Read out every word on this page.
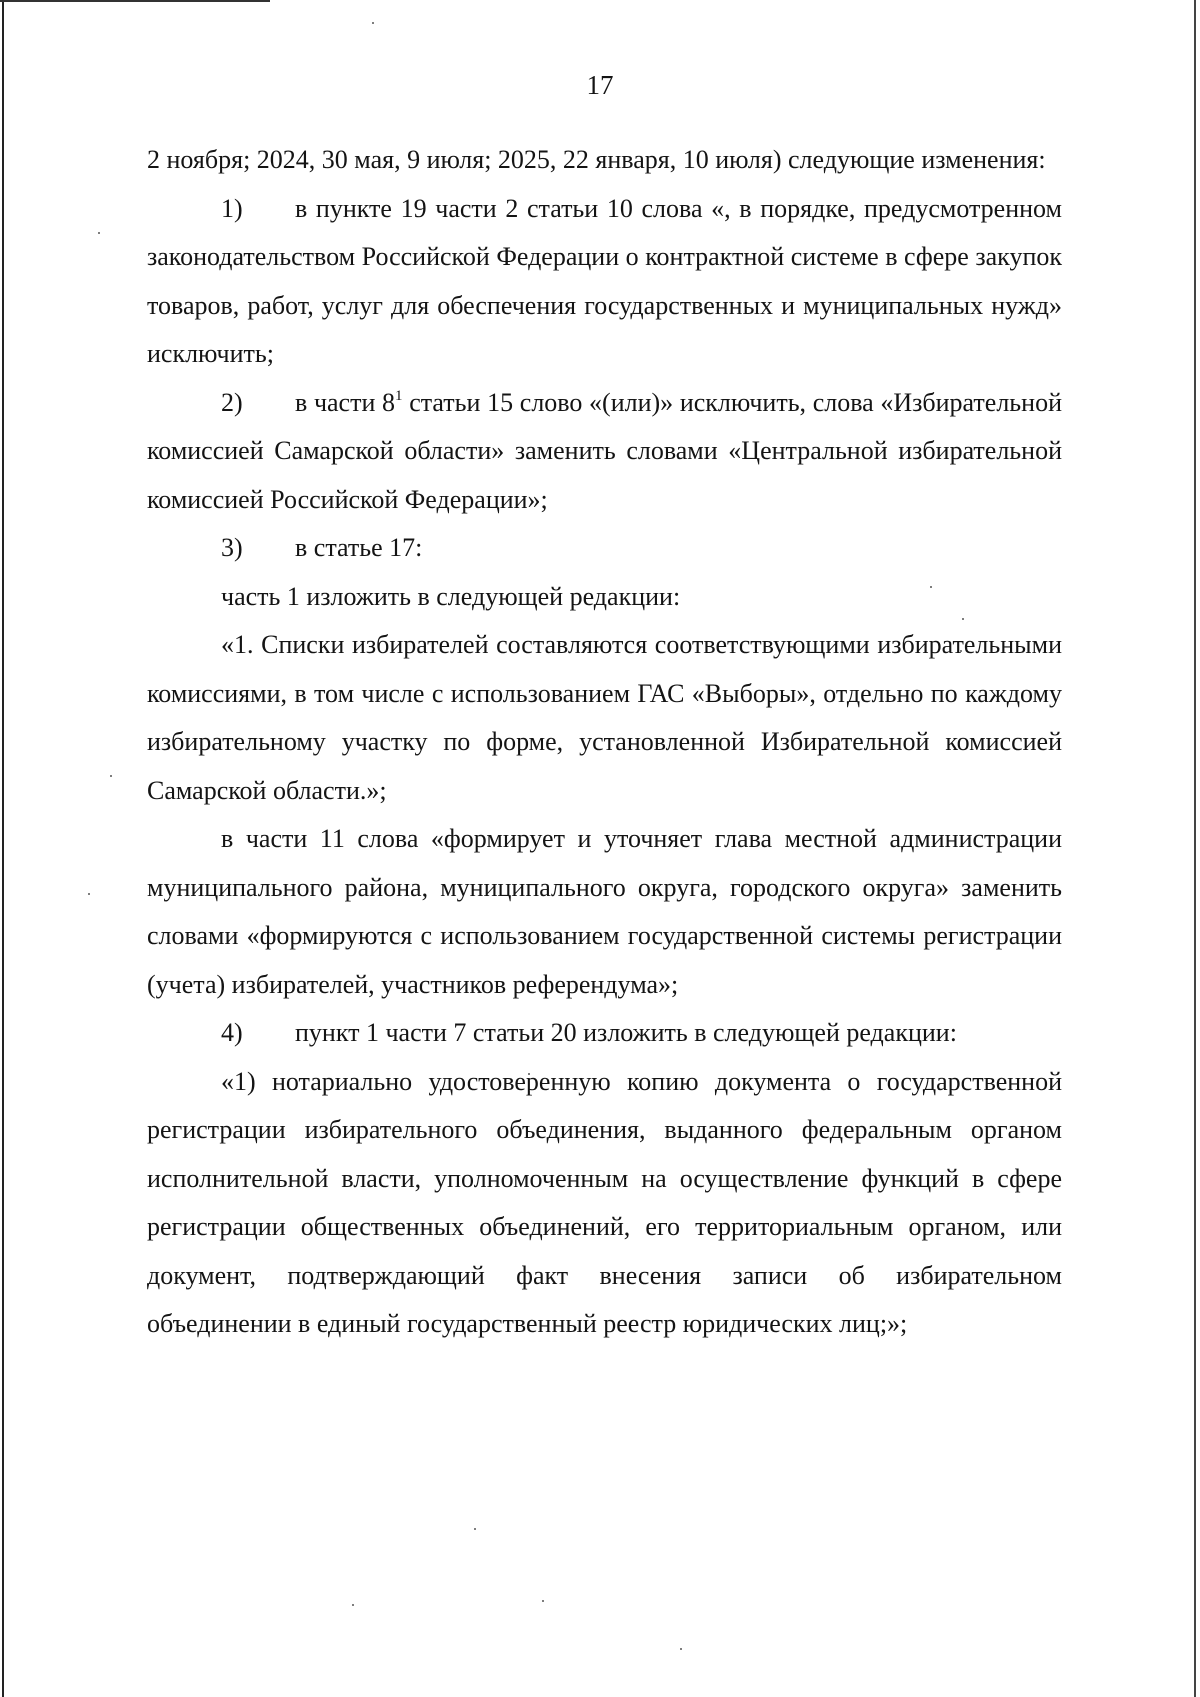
17

2 ноября; 2024, 30 мая, 9 июля; 2025, 22 января, 10 июля) следующие изменения:

1) в пункте 19 части 2 статьи 10 слова «, в порядке, предусмотренном законодательством Российской Федерации о контрактной системе в сфере закупок товаров, работ, услуг для обеспечения государственных и муниципальных нужд» исключить;

2) в части $8^1$ статьи 15 слово «(или)» исключить, слова «Избирательной комиссией Самарской области» заменить словами «Центральной избирательной комиссией Российской Федерации»;

3) в статье 17:

часть 1 изложить в следующей редакции:

«1. Списки избирателей составляются соответствующими избирательными комиссиями, в том числе с использованием ГАС «Выборы», отдельно по каждому избирательному участку по форме, установленной Избирательной комиссией Самарской области.»;

в части 11 слова «формирует и уточняет глава местной администрации муниципального района, муниципального округа, городского округа» заменить словами «формируются с использованием государственной системы регистрации (учета) избирателей, участников референдума»;

4) пункт 1 части 7 статьи 20 изложить в следующей редакции:

«1) нотариально удостоверенную копию документа о государственной регистрации избирательного объединения, выданного федеральным органом исполнительной власти, уполномоченным на осуществление функций в сфере регистрации общественных объединений, его территориальным органом, или документ, подтверждающий факт внесения записи об избирательном объединении в единый государственный реестр юридических лиц;»;
